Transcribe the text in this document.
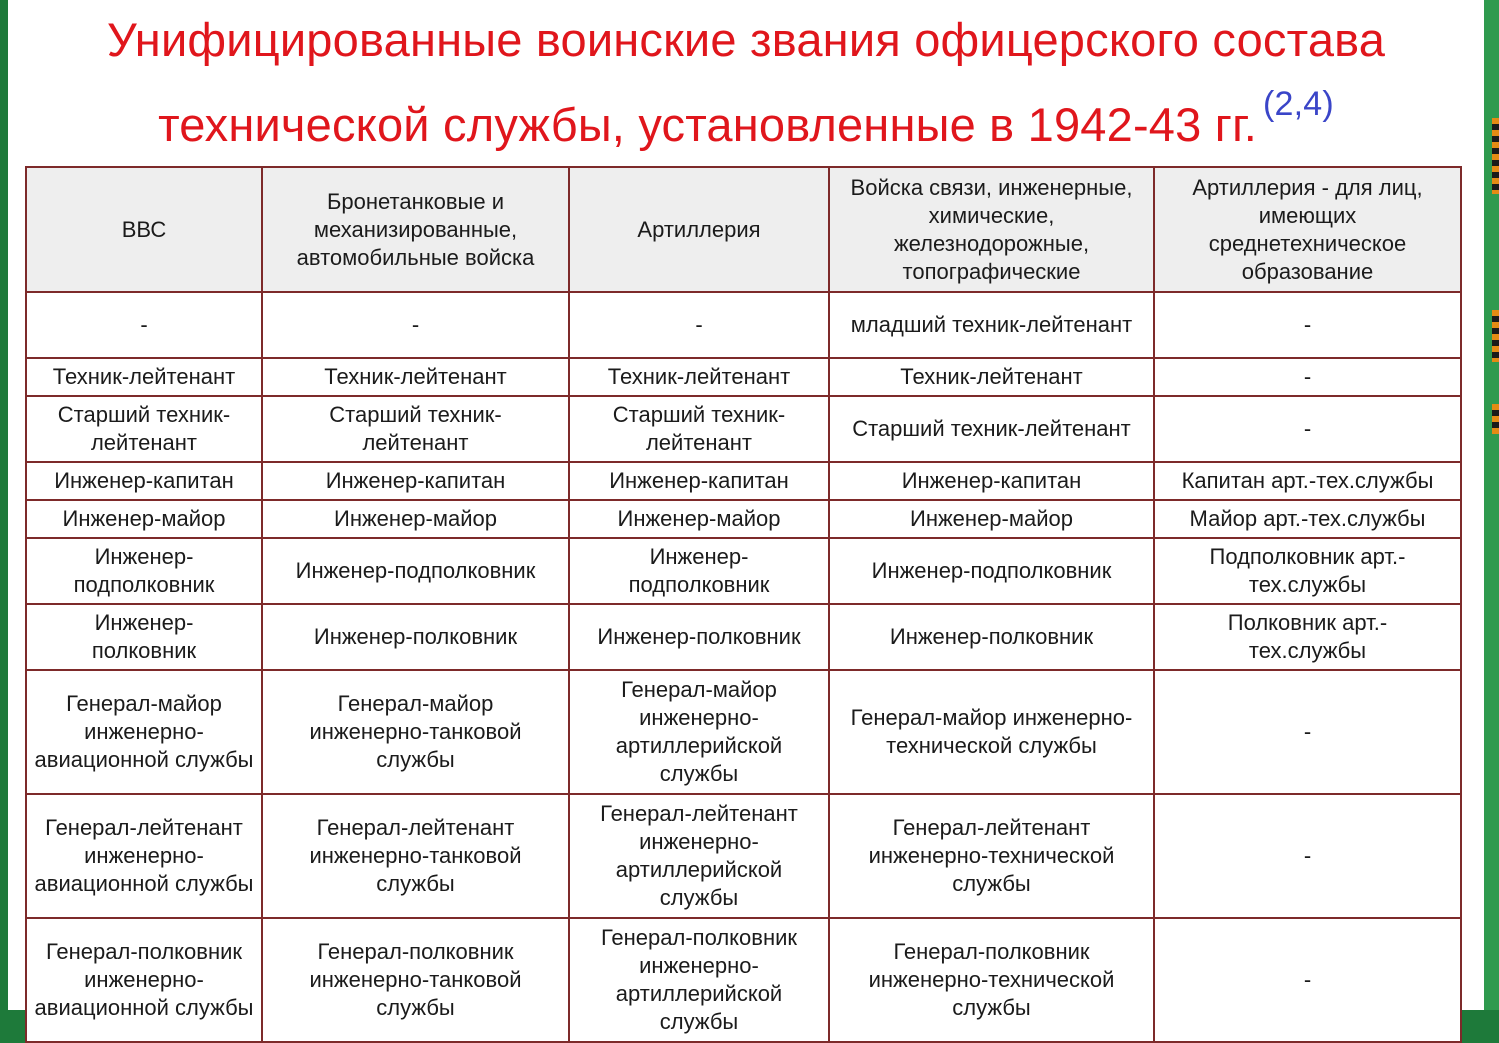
Унифицированные воинские звания офицерского состава технической службы, установленные в 1942-43 гг. $^{(2,4)}$
ВВС	Бронетанковые и механизированные, автомобильные войска	Артиллерия	Войска связи, инженерные, химические, железнодорожные, топографические	Артиллерия - для лиц, имеющих среднетехническое образование
-	-	-	младший техник-лейтенант	-
Техник-лейтенант	Техник-лейтенант	Техник-лейтенант	Техник-лейтенант	-
Старший техник-лейтенант	Старший техник-лейтенант	Старший техник-лейтенант	Старший техник-лейтенант	-
Инженер-капитан	Инженер-капитан	Инженер-капитан	Инженер-капитан	Капитан арт.-тех.службы
Инженер-майор	Инженер-майор	Инженер-майор	Инженер-майор	Майор арт.-тех.службы
Инженер-подполковник	Инженер-подполковник	Инженер-подполковник	Инженер-подполковник	Подполковник арт.-тех.службы
Инженер-полковник	Инженер-полковник	Инженер-полковник	Инженер-полковник	Полковник арт.-тех.службы
Генерал-майор инженерно-авиационной службы	Генерал-майор инженерно-танковой службы	Генерал-майор инженерно-артиллерийской службы	Генерал-майор инженерно-технической службы	-
Генерал-лейтенант инженерно-авиационной службы	Генерал-лейтенант инженерно-танковой службы	Генерал-лейтенант инженерно-артиллерийской службы	Генерал-лейтенант инженерно-технической службы	-
Генерал-полковник инженерно-авиационной службы	Генерал-полковник инженерно-танковой службы	Генерал-полковник инженерно-артиллерийской службы	Генерал-полковник инженерно-технической службы	-
